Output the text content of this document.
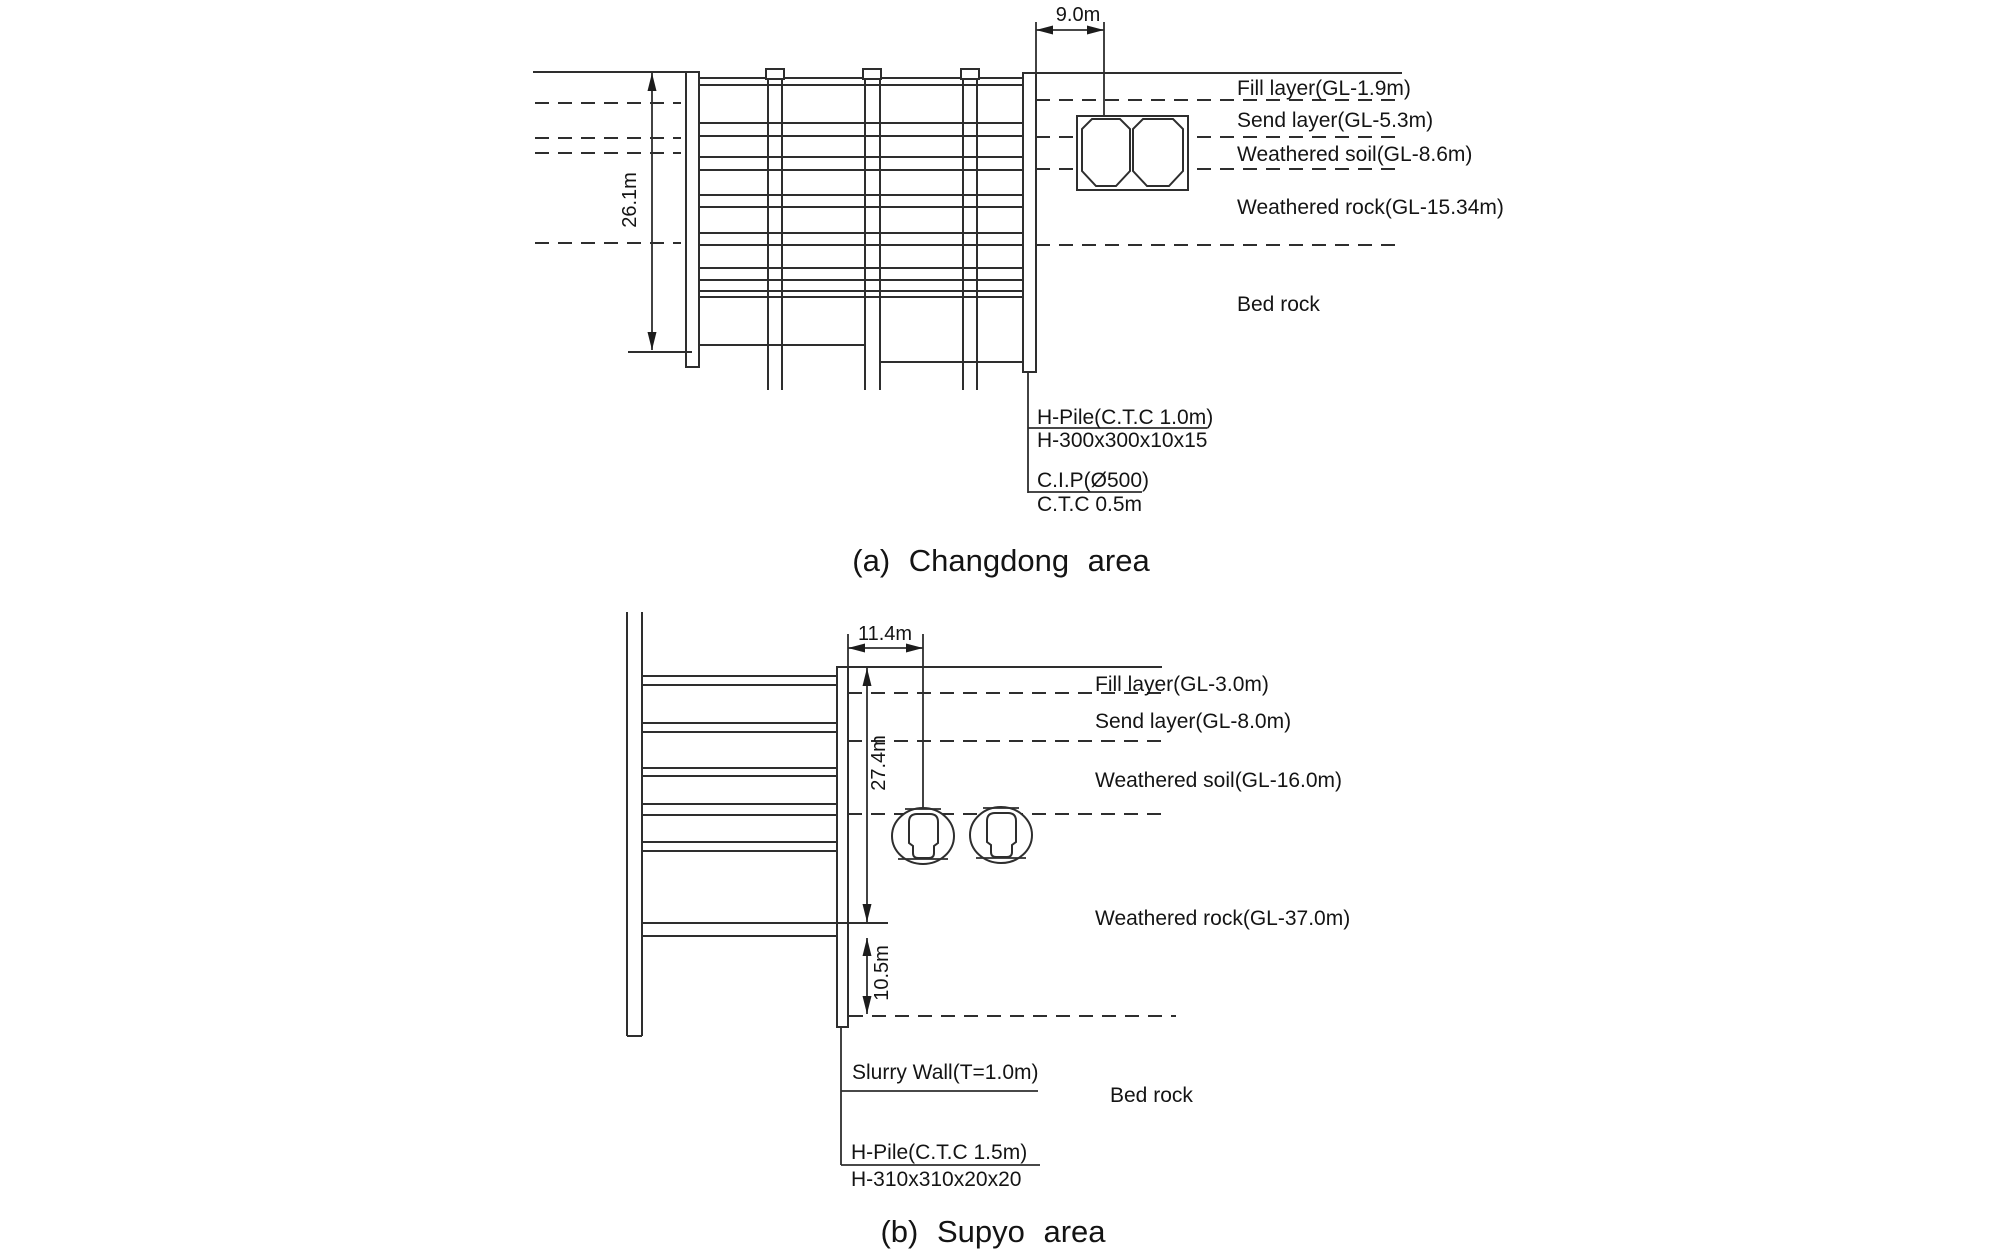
26.1m
9.0m
Fill layer(GL-1.9m)
Send layer(GL-5.3m)
Weathered soil(GL-8.6m)
Weathered rock(GL-15.34m)
Bed rock
H-Pile(C.T.C 1.0m)
H-300x300x10x15
C.I.P(Ø500)
C.T.C 0.5m
(a) Changdong area
11.4m
27.4m
10.5m
Fill layer(GL-3.0m)
Send layer(GL-8.0m)
Weathered soil(GL-16.0m)
Weathered rock(GL-37.0m)
Bed rock
Slurry Wall(T=1.0m)
H-Pile(C.T.C 1.5m)
H-310x310x20x20
(b) Supyo area
